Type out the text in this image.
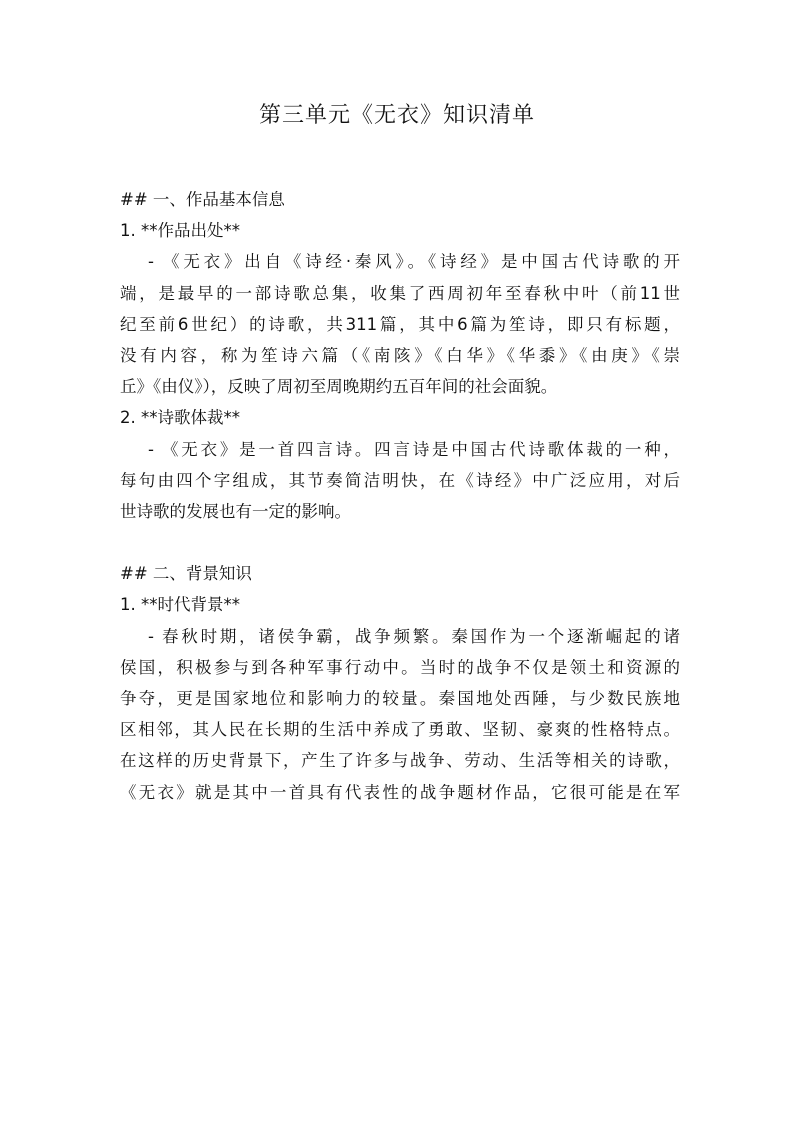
第三单元《无衣》知识清单
## 一、作品基本信息
1. **作品出处**
- 《无衣》出自《诗经·秦风》。《诗经》是中国古代诗歌的开
端，是最早的一部诗歌总集，收集了西周初年至春秋中叶（前11世
纪至前6世纪）的诗歌，共311篇，其中6篇为笙诗，即只有标题，
没有内容，称为笙诗六篇（《南陔》《白华》《华黍》《由庚》《崇
丘》《由仪》），反映了周初至周晚期约五百年间的社会面貌。
2. **诗歌体裁**
- 《无衣》是一首四言诗。四言诗是中国古代诗歌体裁的一种，
每句由四个字组成，其节奏简洁明快，在《诗经》中广泛应用，对后
世诗歌的发展也有一定的影响。
## 二、背景知识
1. **时代背景**
- 春秋时期，诸侯争霸，战争频繁。秦国作为一个逐渐崛起的诸
侯国，积极参与到各种军事行动中。当时的战争不仅是领土和资源的
争夺，更是国家地位和影响力的较量。秦国地处西陲，与少数民族地
区相邻，其人民在长期的生活中养成了勇敢、坚韧、豪爽的性格特点。
在这样的历史背景下，产生了许多与战争、劳动、生活等相关的诗歌，
《无衣》就是其中一首具有代表性的战争题材作品，它很可能是在军
